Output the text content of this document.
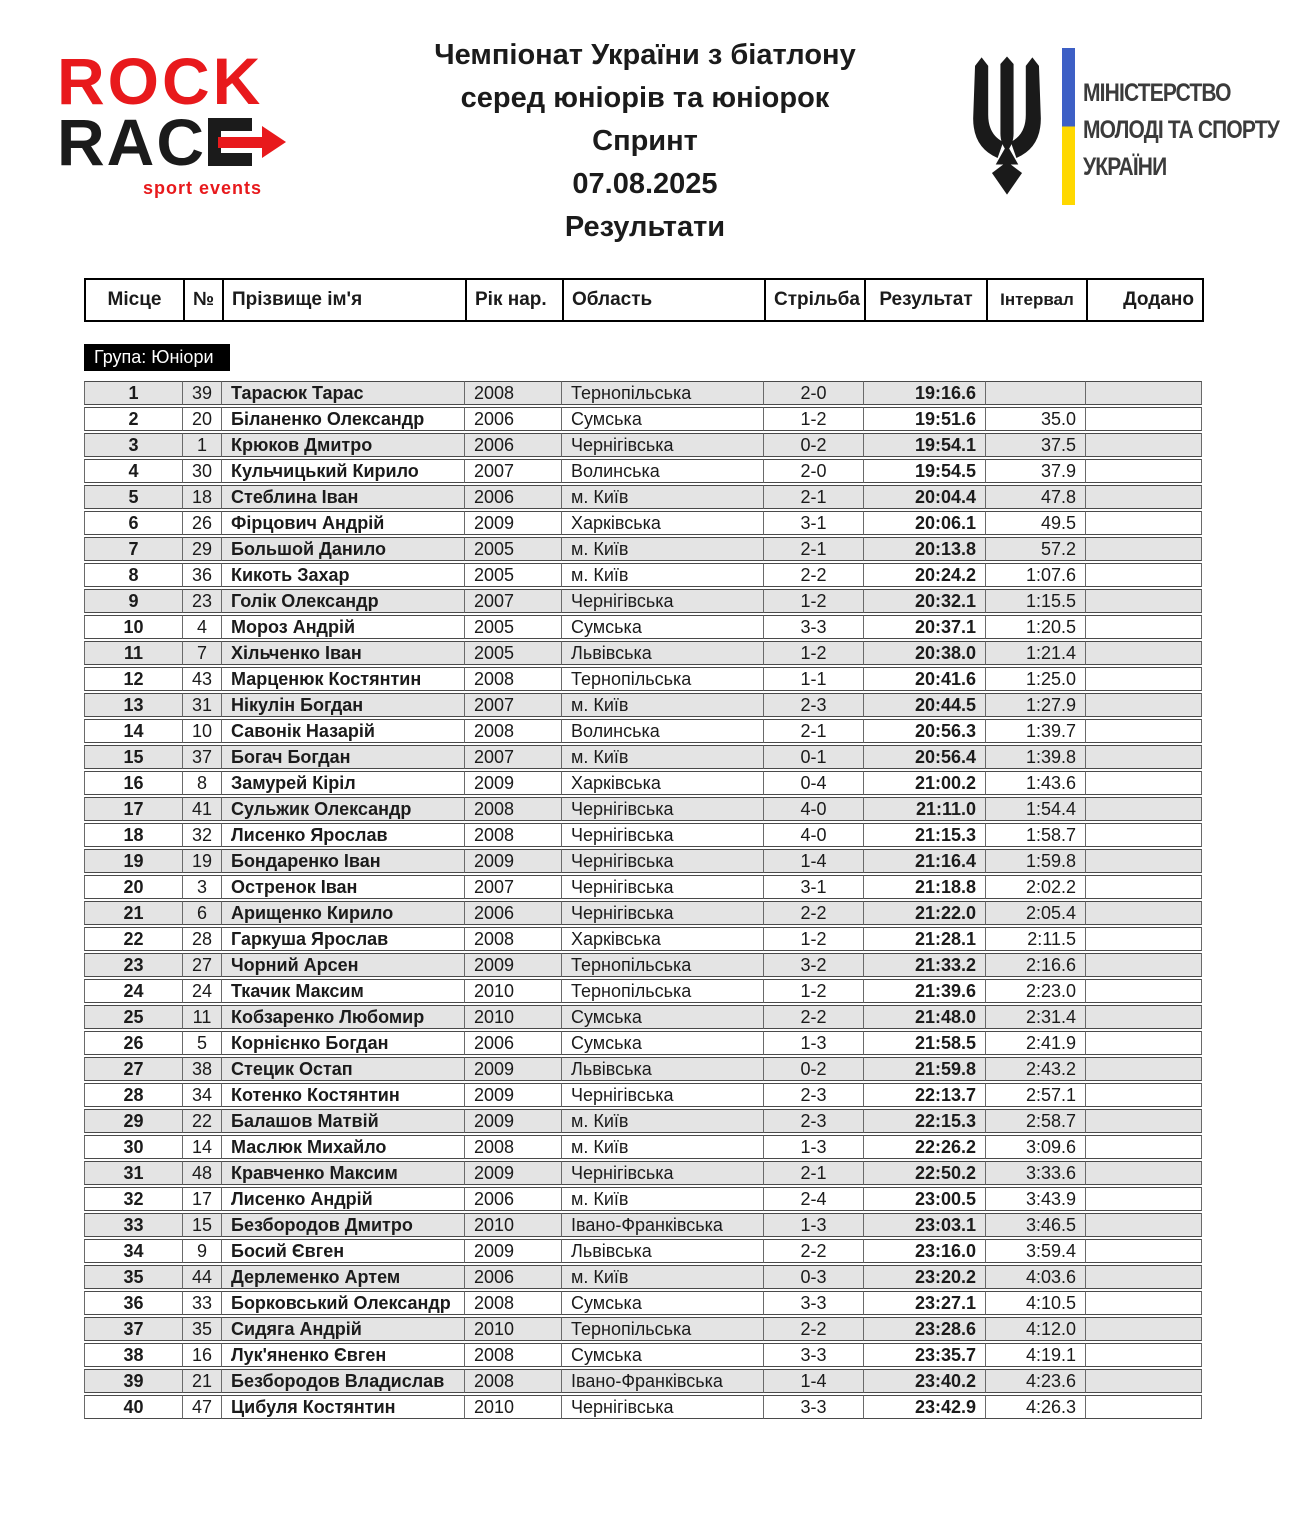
ROCK
RAC
sport events
Чемпіонат України з біатлону
серед юніорів та юніорок
Спринт
07.08.2025
Результати
МІНІСТЕРСТВО
МОЛОДІ ТА СПОРТУ
УКРАЇНИ
Місце	№	Прізвище ім'я	Рік нар.	Область	Стрільба	Результат	Інтервал	Додано
Група: Юніори
1	39	Тарасюк Тарас	2008	Тернопільська	2-0	19:16.6		
2	20	Біланенко Олександр	2006	Сумська	1-2	19:51.6	35.0	
3	1	Крюков Дмитро	2006	Чернігівська	0-2	19:54.1	37.5	
4	30	Кульчицький Кирило	2007	Волинська	2-0	19:54.5	37.9	
5	18	Стеблина Іван	2006	м. Київ	2-1	20:04.4	47.8	
6	26	Фірцович Андрій	2009	Харківська	3-1	20:06.1	49.5	
7	29	Большой Данило	2005	м. Київ	2-1	20:13.8	57.2	
8	36	Кикоть Захар	2005	м. Київ	2-2	20:24.2	1:07.6	
9	23	Голік Олександр	2007	Чернігівська	1-2	20:32.1	1:15.5	
10	4	Мороз Андрій	2005	Сумська	3-3	20:37.1	1:20.5	
11	7	Хільченко Іван	2005	Львівська	1-2	20:38.0	1:21.4	
12	43	Марценюк Костянтин	2008	Тернопільська	1-1	20:41.6	1:25.0	
13	31	Нікулін Богдан	2007	м. Київ	2-3	20:44.5	1:27.9	
14	10	Савонік Назарій	2008	Волинська	2-1	20:56.3	1:39.7	
15	37	Богач Богдан	2007	м. Київ	0-1	20:56.4	1:39.8	
16	8	Замурей Кіріл	2009	Харківська	0-4	21:00.2	1:43.6	
17	41	Сульжик Олександр	2008	Чернігівська	4-0	21:11.0	1:54.4	
18	32	Лисенко Ярослав	2008	Чернігівська	4-0	21:15.3	1:58.7	
19	19	Бондаренко Іван	2009	Чернігівська	1-4	21:16.4	1:59.8	
20	3	Остренок Іван	2007	Чернігівська	3-1	21:18.8	2:02.2	
21	6	Арищенко Кирило	2006	Чернігівська	2-2	21:22.0	2:05.4	
22	28	Гаркуша Ярослав	2008	Харківська	1-2	21:28.1	2:11.5	
23	27	Чорний Арсен	2009	Тернопільська	3-2	21:33.2	2:16.6	
24	24	Ткачик Максим	2010	Тернопільська	1-2	21:39.6	2:23.0	
25	11	Кобзаренко Любомир	2010	Сумська	2-2	21:48.0	2:31.4	
26	5	Корнієнко Богдан	2006	Сумська	1-3	21:58.5	2:41.9	
27	38	Стецик Остап	2009	Львівська	0-2	21:59.8	2:43.2	
28	34	Котенко Костянтин	2009	Чернігівська	2-3	22:13.7	2:57.1	
29	22	Балашов Матвій	2009	м. Київ	2-3	22:15.3	2:58.7	
30	14	Маслюк Михайло	2008	м. Київ	1-3	22:26.2	3:09.6	
31	48	Кравченко Максим	2009	Чернігівська	2-1	22:50.2	3:33.6	
32	17	Лисенко Андрій	2006	м. Київ	2-4	23:00.5	3:43.9	
33	15	Безбородов Дмитро	2010	Івано-Франківська	1-3	23:03.1	3:46.5	
34	9	Босий Євген	2009	Львівська	2-2	23:16.0	3:59.4	
35	44	Дерлеменко Артем	2006	м. Київ	0-3	23:20.2	4:03.6	
36	33	Борковський Олександр	2008	Сумська	3-3	23:27.1	4:10.5	
37	35	Сидяга Андрій	2010	Тернопільська	2-2	23:28.6	4:12.0	
38	16	Лук'яненко Євген	2008	Сумська	3-3	23:35.7	4:19.1	
39	21	Безбородов Владислав	2008	Івано-Франківська	1-4	23:40.2	4:23.6	
40	47	Цибуля Костянтин	2010	Чернігівська	3-3	23:42.9	4:26.3	
